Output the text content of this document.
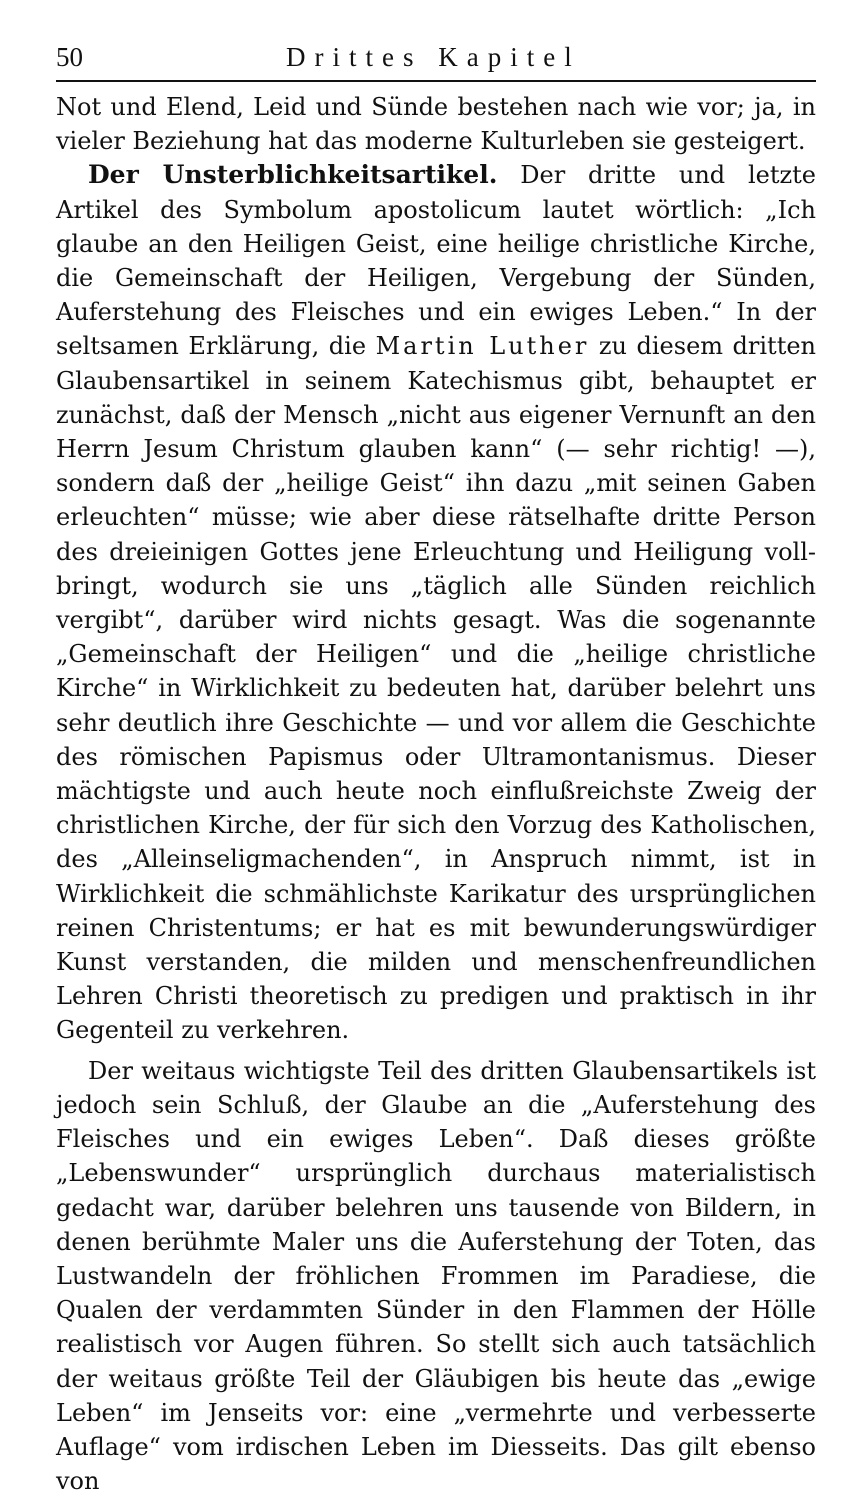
50	Drittes Kapitel

Not und Elend, Leid und Sünde bestehen nach wie vor; ja, in vieler Beziehung hat das moderne Kulturleben sie gesteigert.

Der Unsterblichkeitsartikel. Der dritte und letzte Artikel des Symbolum apostolicum lautet wörtlich: „Ich glaube an den Heiligen Geist, eine heilige christliche Kirche, die Gemeinschaft der Heiligen, Vergebung der Sünden, Auferstehung des Fleisches und ein ewiges Leben.“ In der seltsamen Erklärung, die Martin Luther zu diesem dritten Glaubensartikel in seinem Katechismus gibt, behauptet er zunächst, daß der Mensch „nicht aus eigener Vernunft an den Herrn Jesum Christum glauben kann“ (— sehr richtig! —), sondern daß der „heilige Geist“ ihn dazu „mit seinen Gaben erleuchten“ müsse; wie aber diese rätselhafte dritte Person des dreieinigen Gottes jene Erleuchtung und Heiligung vollbringt, wodurch sie uns „täglich alle Sünden reichlich vergibt“, darüber wird nichts gesagt. Was die sogenannte „Gemeinschaft der Heiligen“ und die „heilige christliche Kirche“ in Wirklichkeit zu bedeuten hat, darüber belehrt uns sehr deutlich ihre Geschichte — und vor allem die Geschichte des römischen Papismus oder Ultramontanismus. Dieser mächtigste und auch heute noch einflußreichste Zweig der christlichen Kirche, der für sich den Vorzug des Katholischen, des „Alleinseligmachenden“, in Anspruch nimmt, ist in Wirklichkeit die schmählichste Karikatur des ursprünglichen reinen Christentums; er hat es mit bewunderungswürdiger Kunst verstanden, die milden und menschenfreundlichen Lehren Christi theoretisch zu predigen und praktisch in ihr Gegenteil zu verkehren.

Der weitaus wichtigste Teil des dritten Glaubensartikels ist jedoch sein Schluß, der Glaube an die „Auferstehung des Fleisches und ein ewiges Leben“. Daß dieses größte „Lebenswunder“ ursprünglich durchaus materialistisch gedacht war, darüber belehren uns tausende von Bildern, in denen berühmte Maler uns die Auferstehung der Toten, das Lustwandeln der fröhlichen Frommen im Paradiese, die Qualen der verdammten Sünder in den Flammen der Hölle realistisch vor Augen führen. So stellt sich auch tatsächlich der weitaus größte Teil der Gläubigen bis heute das „ewige Leben“ im Jenseits vor: eine „vermehrte und verbesserte Auflage“ vom irdischen Leben im Diesseits. Das gilt ebenso von
